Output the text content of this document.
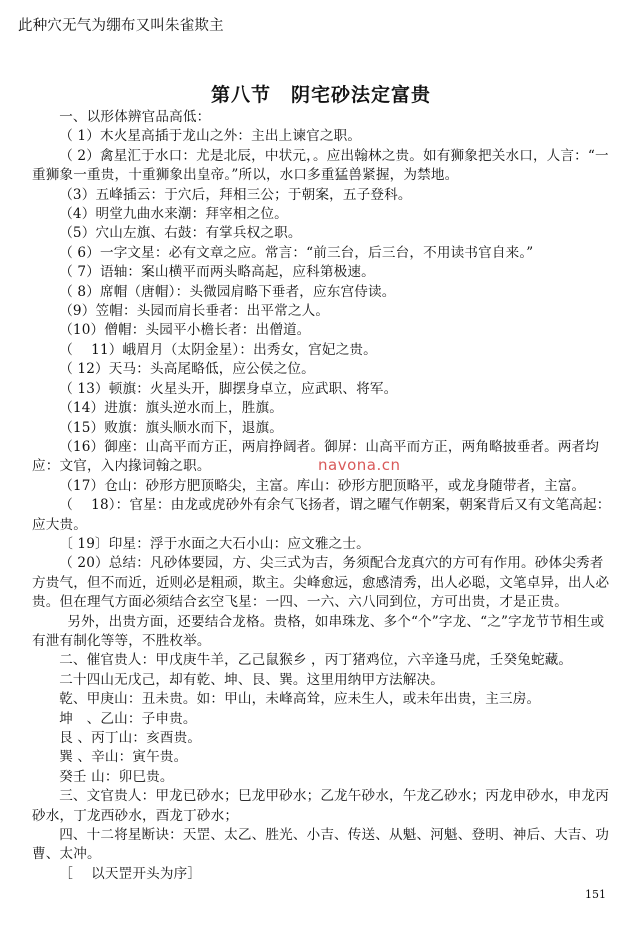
此种穴无气为绷布又叫朱雀欺主
第八节　阴宅砂法定富贵

一、以形体辨官品高低：

（ 1）木火星高插于龙山之外：主出上谏官之职。

（ 2）禽星汇于水口：尤是北辰，中状元，。应出翰林之贵。如有狮象把关水口，人言：“一重狮象一重贵，十重狮象出皇帝。”所以，水口多重猛兽紧握，为禁地。

（3）五峰插云：于穴后，拜相三公；于朝案，五子登科。

（4）明堂九曲水来潮：拜宰相之位。

（5）穴山左旗、右鼓：有掌兵权之职。

（ 6）一字文星：必有文章之应。常言：“前三台，后三台，不用读书官自来。”

（ 7）语轴：案山横平而两头略高起，应科第极速。

（ 8）席帽（唐帽）：头微园肩略下垂者，应东宫侍读。

（9）笠帽：头园而肩长垂者：出平常之人。

（10）僧帽：头园平小檐长者：出僧道。

（　 11）峨眉月（太阴金星）：出秀女，宫妃之贵。

（ 12）天马：头高尾略低，应公侯之位。

（ 13）顿旗：火星头开，脚摆身卓立，应武职、将军。

（14）进旗：旗头逆水而上，胜旗。

（15）败旗：旗头顺水而下，退旗。

（16）御座：山高平而方正，两肩挣阔者。御屏：山高平而方正，两角略披垂者。两者均应：文官，入内掾词翰之职。

（17）仓山：砂形方肥顶略尖，主富。库山：砂形方肥顶略平，或龙身随带者，主富。

（　 18）：官星：由龙或虎砂外有余气飞扬者，谓之曜气作朝案，朝案背后又有文笔高起：应大贵。

〔 19〕印星：浮于水面之大石小山：应文雅之士。

（ 20）总结：凡砂体要园，方、尖三式为吉，务须配合龙真穴的方可有作用。砂体尖秀者方贵气，但不而近，近则必是粗顽，欺主。尖峰愈远，愈感清秀，出人必聪，文笔卓异，出人必贵。但在理气方面必须结合玄空飞星：一四、一六、六八同到位，方可出贵，才是正贵。

另外，出贵方面，还要结合龙格。贵格，如串珠龙、多个“个”字龙、“之”字龙节节相生或有泄有制化等等，不胜枚举。

二、催官贵人：甲戊庚牛羊，乙己鼠猴乡 ，丙丁猪鸡位，六辛逢马虎，壬癸兔蛇藏。

二十四山无戊己，却有乾、坤、艮、巽。这里用纳甲方法解决。

乾、甲庚山：丑未贵。如：甲山，未峰高耸，应未生人，或未年出贵，主三房。

坤　、乙山：子申贵。

艮 、丙丁山：亥酉贵。

巽 、辛山：寅午贵。

癸壬 山：卯巳贵。

三、文官贵人：甲龙已砂水；巳龙甲砂水；乙龙午砂水，午龙乙砂水；丙龙申砂水，申龙丙砂水，丁龙西砂水，酉龙丁砂水；

四、十二将星断诀：天罡、太乙、胜光、小吉、传送、从魁、河魁、登明、神后、大吉、功曹、太冲。

［　 以天罡开头为序］

navona.cn
151
